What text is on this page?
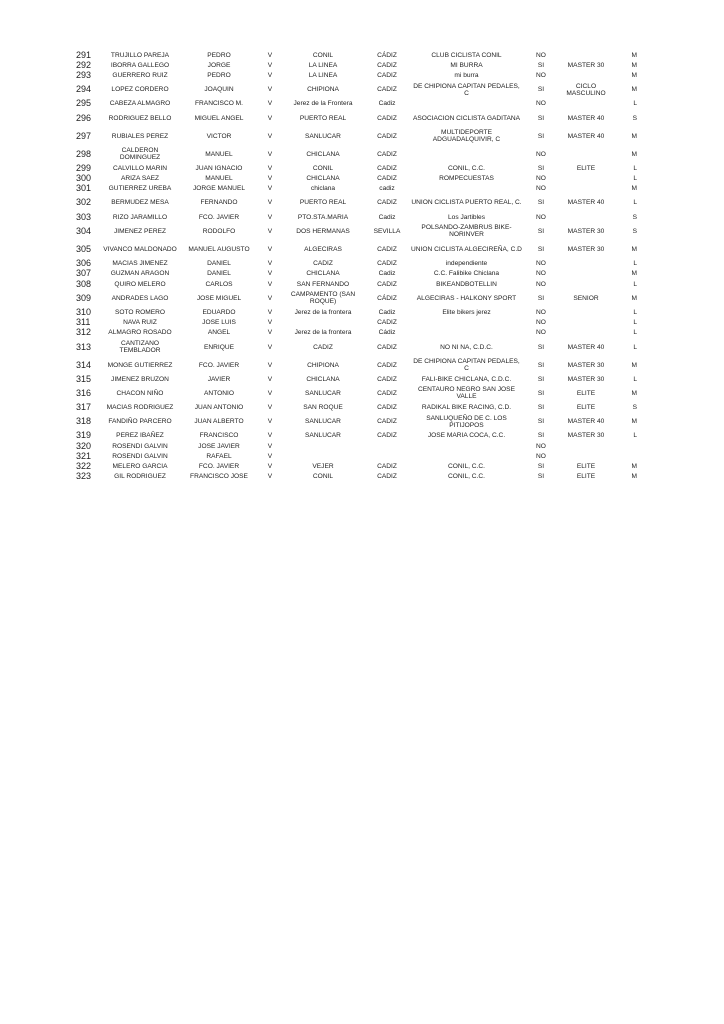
291	TRUJILLO PAREJA	PEDRO	V	CONIL	CÁDIZ	CLUB CICLISTA CONIL	NO		M
292	IBORRA GALLEGO	JORGE	V	LA LINEA	CADIZ	MI BURRA	SI	MASTER 30	M
293	GUERRERO RUIZ	PEDRO	V	LA LINEA	CADIZ	mi burra	NO		M
294	LOPEZ CORDERO	JOAQUIN	V	CHIPIONA	CADIZ	DE CHIPIONA CAPITAN PEDALES, C	SI	CICLO MASCULINO	M
295	CABEZA ALMAGRO	FRANCISCO M.	V	Jerez de la Frontera	Cadiz		NO		L
296	RODRIGUEZ BELLO	MIGUEL ANGEL	V	PUERTO REAL	CADIZ	ASOCIACION CICLISTA GADITANA	SI	MASTER 40	S
297	RUBIALES PEREZ	VICTOR	V	SANLUCAR	CADIZ	MULTIDEPORTE ADGUADALQUIVIR, C	SI	MASTER 40	M
298	CALDERON DOMINGUEZ	MANUEL	V	CHICLANA	CADIZ		NO		M
299	CALVILLO MARIN	JUAN IGNACIO	V	CONIL	CADIZ	CONIL, C.C.	SI	ELITE	L
300	ARIZA SAEZ	MANUEL	V	CHICLANA	CADIZ	ROMPECUESTAS	NO		L
301	GUTIERREZ UREBA	JORGE MANUEL	V	chiclana	cadiz		NO		M
302	BERMUDEZ MESA	FERNANDO	V	PUERTO REAL	CADIZ	UNION CICLISTA PUERTO REAL, C.	SI	MASTER 40	L
303	RIZO JARAMILLO	FCO. JAVIER	V	PTO.STA.MARIA	Cadiz	Los Jartibles	NO		S
304	JIMENEZ PEREZ	RODOLFO	V	DOS HERMANAS	SEVILLA	POLSANDO-ZAMBRUS BIKE-NORINVER	SI	MASTER 30	S
305	VIVANCO MALDONADO	MANUEL AUGUSTO	V	ALGECIRAS	CADIZ	UNION CICLISTA ALGECIREÑA, C.D	SI	MASTER 30	M
306	MACIAS JIMENEZ	DANIEL	V	CADIZ	CADIZ	independiente	NO		L
307	GUZMAN ARAGON	DANIEL	V	CHICLANA	Cadiz	C.C. Falibike Chiclana	NO		M
308	QUIRO MELERO	CARLOS	V	SAN FERNANDO	CADIZ	BIKEANDBOTELLIN	NO		L
309	ANDRADES LAGO	JOSE MIGUEL	V	CAMPAMENTO (SAN ROQUE)	CÁDIZ	ALGECIRAS - HALKONY SPORT	SI	SENIOR	M
310	SOTO ROMERO	EDUARDO	V	Jerez de la frontera	Cadiz	Elite bikers jerez	NO		L
311	NAVA RUIZ	JOSE LUIS	V		CADIZ		NO		L
312	ALMAGRO ROSADO	ANGEL	V	Jerez de la frontera	Cádiz		NO		L
313	CANTIZANO TEMBLADOR	ENRIQUE	V	CADIZ	CADIZ	NO NI NA, C.D.C.	SI	MASTER 40	L
314	MONGE GUTIERREZ	FCO. JAVIER	V	CHIPIONA	CADIZ	DE CHIPIONA CAPITAN PEDALES, C	SI	MASTER 30	M
315	JIMENEZ BRUZON	JAVIER	V	CHICLANA	CADIZ	FALI-BIKE CHICLANA, C.D.C.	SI	MASTER 30	L
316	CHACON NIÑO	ANTONIO	V	SANLUCAR	CADIZ	CENTAURO NEGRO SAN JOSE VALLE	SI	ELITE	M
317	MACIAS RODRIGUEZ	JUAN ANTONIO	V	SAN ROQUE	CADIZ	RADIKAL BIKE RACING, C.D.	SI	ELITE	S
318	FANDIÑO PARCERO	JUAN ALBERTO	V	SANLUCAR	CADIZ	SANLUQUEÑO DE C. LOS PITIJOPOS	SI	MASTER 40	M
319	PEREZ IBAÑEZ	FRANCISCO	V	SANLUCAR	CADIZ	JOSE MARIA COCA, C.C.	SI	MASTER 30	L
320	ROSENDI GALVIN	JOSE JAVIER	V				NO		
321	ROSENDI GALVIN	RAFAEL	V				NO		
322	MELERO GARCIA	FCO. JAVIER	V	VEJER	CADIZ	CONIL, C.C.	SI	ELITE	M
323	GIL RODRIGUEZ	FRANCISCO JOSE	V	CONIL	CADIZ	CONIL, C.C.	SI	ELITE	M
